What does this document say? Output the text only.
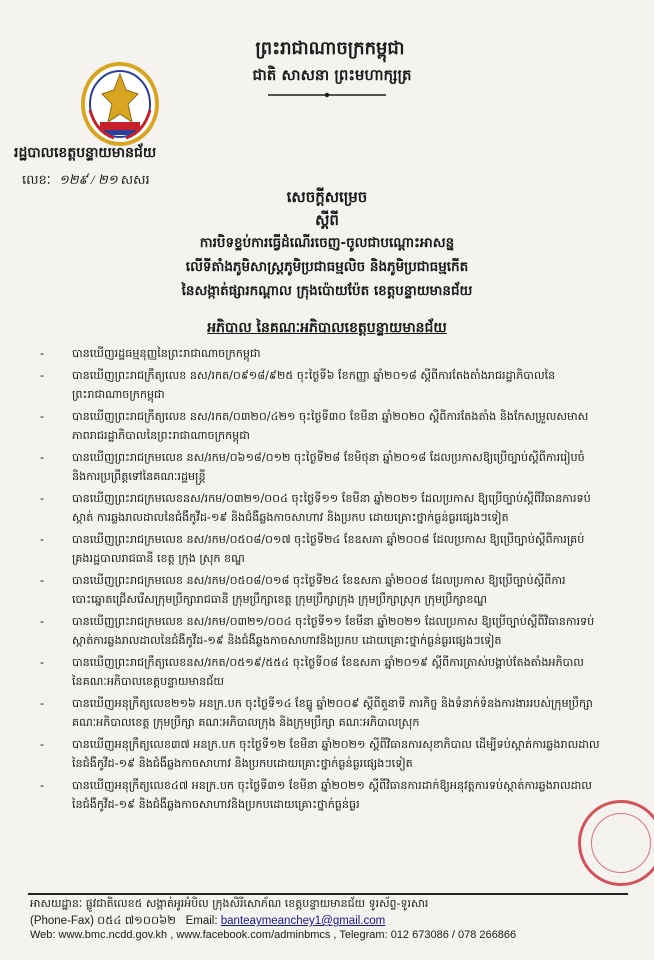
ព្រះរាជាណាចក្រកម្ពុជា
ជាតិ សាសនា ព្រះមហាក្សត្រ
រដ្ឋបាលខេត្តបន្ទាយមានជ័យ
លេខៈ ១២៩ / ២១ សសរ
សេចក្តីសម្រេច
ស្តីពី
ការបិទខ្ទប់ការធ្វើដំណើរចេញ-ចូលជាបណ្តោះអាសន្ន
លើទីតាំងភូមិសាស្ត្រភូមិប្រជាធម្មលិច និងភូមិប្រជាធម្មកើត
នៃសង្កាត់ផ្សារកណ្តាល ក្រុងប៉ោយប៉ែត ខេត្តបន្ទាយមានជ័យ
អភិបាល នៃគណៈអភិបាលខេត្តបន្ទាយមានជ័យ
- បានឃើញរដ្ឋធម្មនុញ្ញនៃព្រះរាជាណាចក្រកម្ពុជា
- បានឃើញព្រះរាជក្រឹត្យលេខ នស/រកត/០៩១៨/៩២៥ ចុះថ្ងៃទី៦ ខែកញ្ញា ឆ្នាំ២០១៨ ស្តីពីការតែងតាំងរាជរដ្ឋាភិបាលនៃព្រះរាជាណាចក្រកម្ពុជា
- បានឃើញព្រះរាជក្រឹត្យលេខ នស/រកត/០៣២០/៤២១ ចុះថ្ងៃទី៣០ ខែមីនា ឆ្នាំ២០២០ ស្តីពីការតែងតាំង និងកែសម្រួលសមាសភាពរាជរដ្ឋាភិបាលនៃព្រះរាជាណាចក្រកម្ពុជា
- បានឃើញព្រះរាជក្រមលេខ នស/រកម/០៦១៨/០១២ ចុះថ្ងៃទី២៨ ខែមិថុនា ឆ្នាំ២០១៨ ដែលប្រកាសឱ្យប្រើច្បាប់ស្តីពីការរៀបចំ និងការប្រព្រឹត្តទៅនៃគណៈរដ្ឋមន្ត្រី
- បានឃើញព្រះរាជក្រមលេខនស/រកម/០៣២១/០០៤ ចុះថ្ងៃទី១១ ខែមីនា ឆ្នាំ២០២១ ដែលប្រកាស ឱ្យប្រើច្បាប់ស្តីពីវិធានការទប់ស្កាត់ ការឆ្លងរាលដាលនៃជំងឺកូវីដ-១៩ និងជំងឺឆ្លងកាចសាហាវ និងប្រកប ដោយគ្រោះថ្នាក់ធ្ងន់ធ្ងរផ្សេងៗទៀត
- បានឃើញព្រះរាជក្រមលេខ នស/រកម/០៥០៨/០១៧ ចុះថ្ងៃទី២៤ ខែឧសភា ឆ្នាំ២០០៨ ដែលប្រកាស ឱ្យប្រើច្បាប់ស្តីពីការគ្រប់គ្រងរដ្ឋបាលរាជធានី ខេត្ត ក្រុង ស្រុក ខណ្ឌ
- បានឃើញព្រះរាជក្រមលេខ នស/រកម/០៥០៨/០១៨ ចុះថ្ងៃទី២៤ ខែឧសភា ឆ្នាំ២០០៨ ដែលប្រកាស ឱ្យប្រើច្បាប់ស្តីពីការបោះឆ្នោតជ្រើសរើសក្រុមប្រឹក្សារាជធានី ក្រុមប្រឹក្សាខេត្ត ក្រុមប្រឹក្សាក្រុង ក្រុមប្រឹក្សាស្រុក ក្រុមប្រឹក្សាខណ្ឌ
- បានឃើញព្រះរាជក្រមលេខ នស/រកម/០៣២១/០០៤ ចុះថ្ងៃទី១១ ខែមីនា ឆ្នាំ២០២១ ដែលប្រកាស ឱ្យប្រើច្បាប់ស្តីពីវិធានការទប់ស្កាត់ការឆ្លងរាលដាលនៃជំងឺកូវីដ-១៩ និងជំងឺឆ្លងកាចសាហាវនិងប្រកប ដោយគ្រោះថ្នាក់ធ្ងន់ធ្ងរផ្សេងៗទៀត
- បានឃើញព្រះរាជក្រឹត្យលេខនស/រកត/០៥១៩/៥៥៤ ចុះថ្ងៃទី០៨ ខែឧសភា ឆ្នាំ២០១៩ ស្តីពីការត្រាស់បង្គាប់តែងតាំងអភិបាល នៃគណៈអភិបាលខេត្តបន្ទាយមានជ័យ
- បានឃើញអនុក្រឹត្យលេខ២១៦ អនក្រ.បក ចុះថ្ងៃទី១៤ ខែធ្នូ ឆ្នាំ២០០៩ ស្តីពីតួនាទី ភារកិច្ច និងទំនាក់ទំនងការងាររបស់ក្រុមប្រឹក្សា គណៈអភិបាលខេត្ត ក្រុមប្រឹក្សា គណៈអភិបាលក្រុង និងក្រុមប្រឹក្សា គណៈអភិបាលស្រុក
- បានឃើញអនុក្រឹត្យលេខ៣៧ អនក្រ.បក ចុះថ្ងៃទី១២ ខែមីនា ឆ្នាំ២០២១ ស្តីពីវិធានការសុខាភិបាល ដើម្បីទប់ស្កាត់ការឆ្លងរាលដាលនៃជំងឺកូវីដ-១៩ និងជំងឺឆ្លងកាចសាហាវ និងប្រកបដោយគ្រោះថ្នាក់ធ្ងន់ធ្ងរផ្សេងៗទៀត
- បានឃើញអនុក្រឹត្យលេខ៤៧ អនក្រ.បក ចុះថ្ងៃទី៣១ ខែមីនា ឆ្នាំ២០២១ ស្តីពីវិធានការដាក់ឱ្យអនុវត្តការទប់ស្កាត់ការឆ្លងរាលដាលនៃជំងឺកូវីដ-១៩ និងជំងឺឆ្លងកាចសាហាវនិងប្រកបដោយគ្រោះថ្នាក់ធ្ងន់ធ្ងរ
អាសយដ្ឋានៈ ផ្លូវជាតិលេខ៥ សង្កាត់អូរអំបិល ក្រុងសិរីសោភ័ណ ខេត្តបន្ទាយមានជ័យ ទូរស័ព្ទ-ទូរសារ
(Phone-Fax) ០៥៤ ៧១០០៦២ Email: banteaymeanchey1@gmail.com
Web: www.bmc.ncdd.gov.kh , www.facebook.com/adminbmcs , Telegram: 012 673086 / 078 266866
